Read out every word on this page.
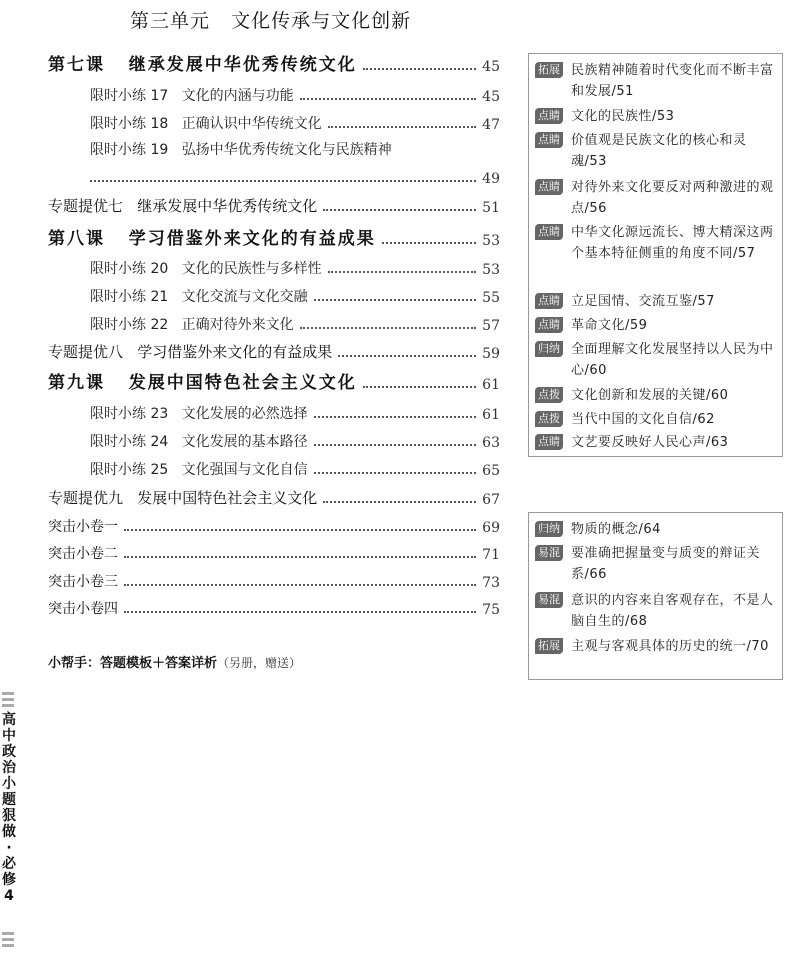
第三单元   文化传承与文化创新
第七课   继承发展中华优秀传统文化	45
限时小练 17   文化的内涵与功能	45
限时小练 18   正确认识中华传统文化	47
限时小练 19   弘扬中华优秀传统文化与民族精神
49
专题提优七   继承发展中华优秀传统文化	51
第八课   学习借鉴外来文化的有益成果	53
限时小练 20   文化的民族性与多样性	53
限时小练 21   文化交流与文化交融	55
限时小练 22   正确对待外来文化	57
专题提优八   学习借鉴外来文化的有益成果	59
第九课   发展中国特色社会主义文化	61
限时小练 23   文化发展的必然选择	61
限时小练 24   文化发展的基本路径	63
限时小练 25   文化强国与文化自信	65
专题提优九   发展中国特色社会主义文化	67
突击小卷一	69
突击小卷二	71
突击小卷三	73
突击小卷四	75
拓展 民族精神随着时代变化而不断丰富和发展/51
点睛 文化的民族性/53
点睛 价值观是民族文化的核心和灵魂/53
点睛 对待外来文化要反对两种激进的观点/56
点睛 中华文化源远流长、博大精深这两个基本特征侧重的角度不同/57
点睛 立足国情、交流互鉴/57
点睛 革命文化/59
归纳 全面理解文化发展坚持以人民为中心/60
点拨 文化创新和发展的关键/60
点拨 当代中国的文化自信/62
点睛 文艺要反映好人民心声/63
归纳 物质的概念/64
易混 要准确把握量变与质变的辩证关系/66
易混 意识的内容来自客观存在，不是人脑自生的/68
拓展 主观与客观具体的历史的统一/70
小帮手：答题模板＋答案详析（另册，赠送）
高中政治 小题狠做 · 必修4
